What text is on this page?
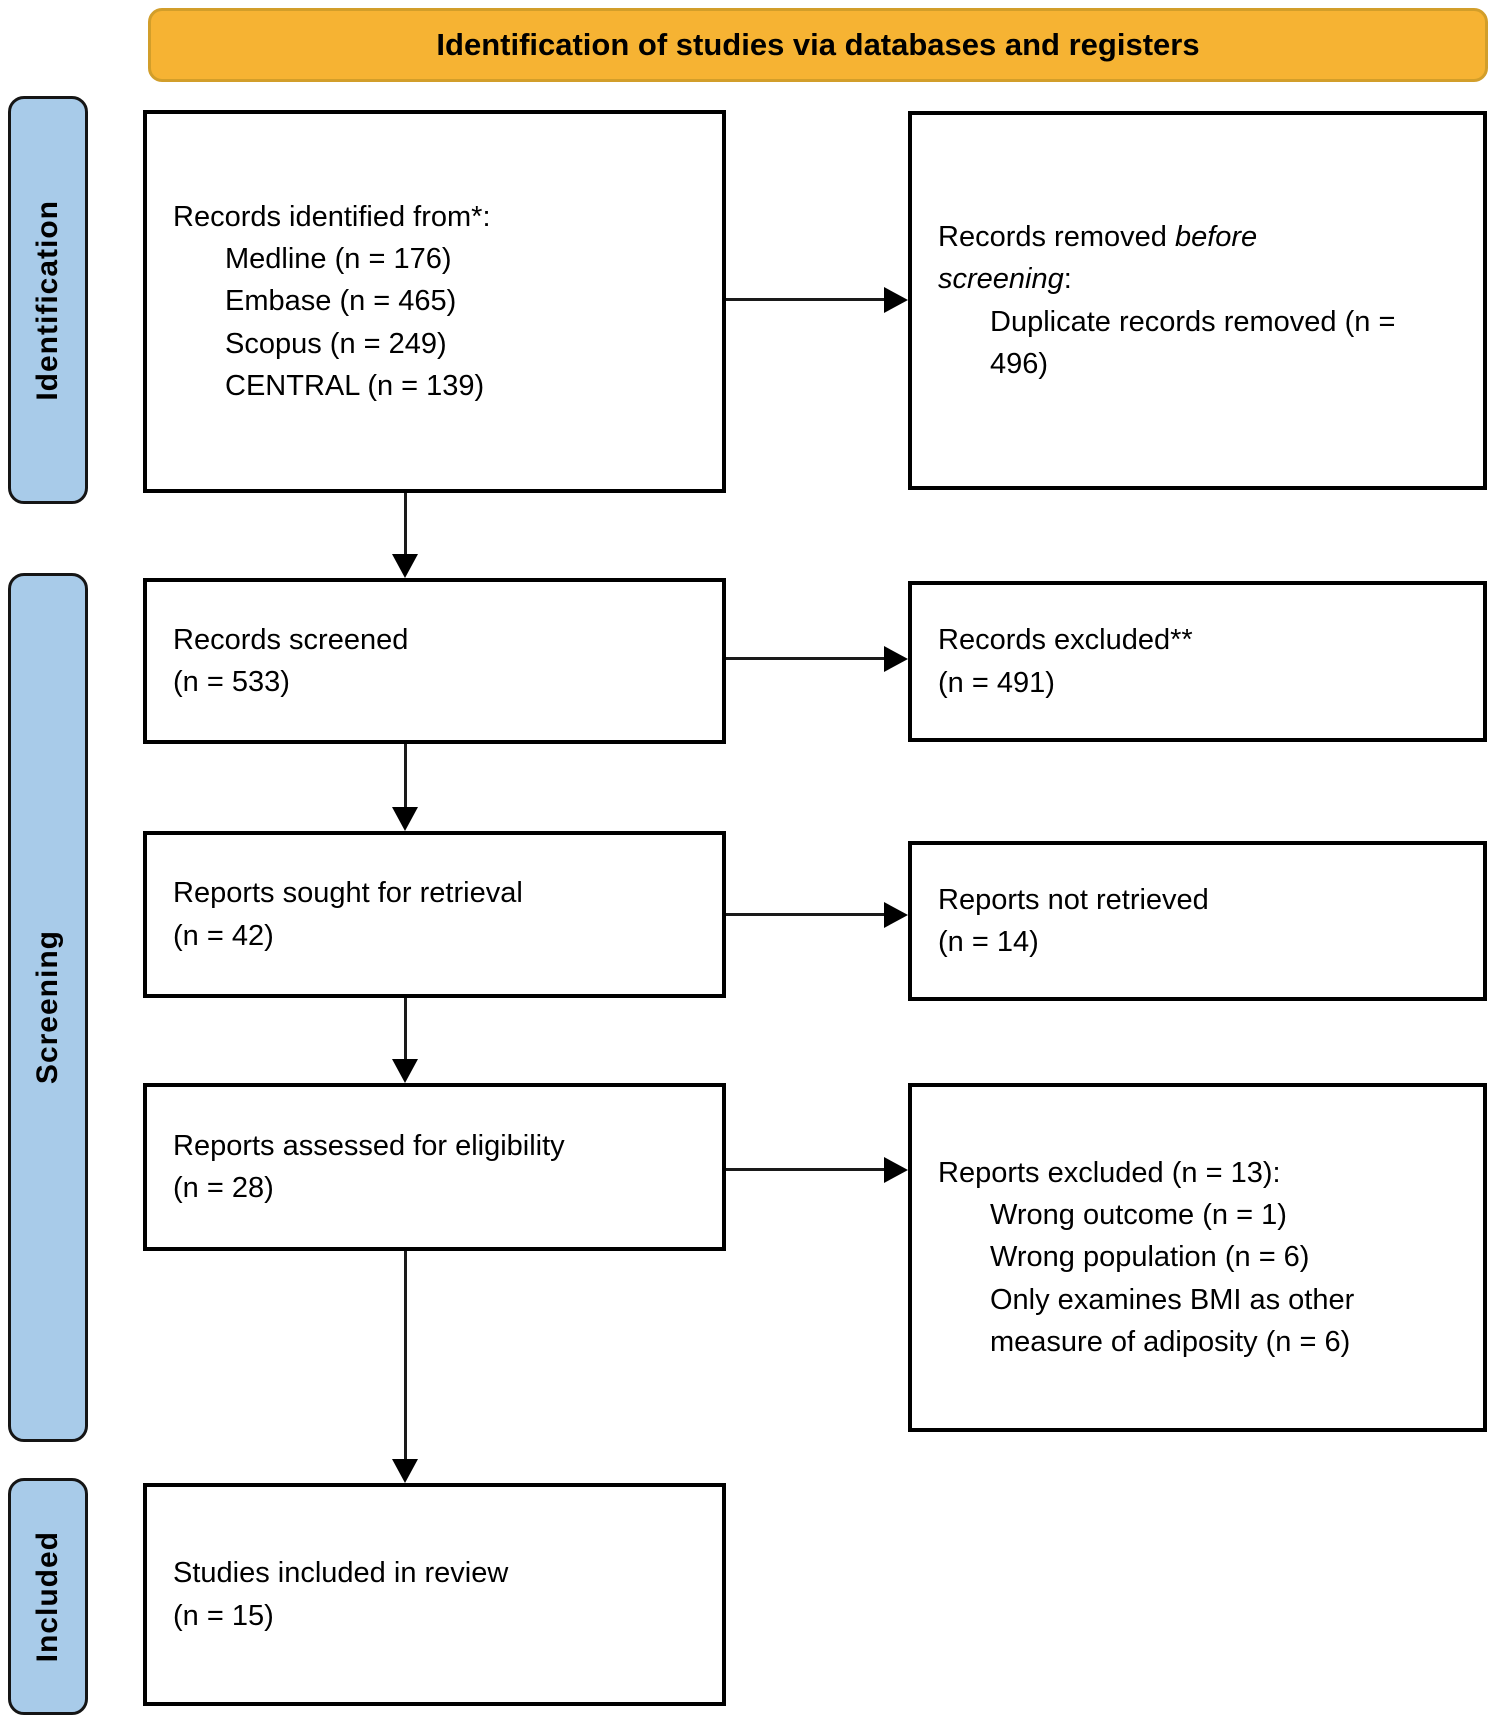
Identification of studies via databases and registers
Identification
Screening
Included
Records identified from*:
Medline (n = 176)
Embase (n = 465)
Scopus (n = 249)
CENTRAL (n = 139)
Records removed before
screening:
Duplicate records removed (n = 496)
Records screened
(n = 533)
Records excluded**
(n = 491)
Reports sought for retrieval
(n = 42)
Reports not retrieved
(n = 14)
Reports assessed for eligibility
(n = 28)	Reports excluded (n = 13):
Wrong outcome (n = 1)
Wrong population (n = 6)
Only examines BMI as other measure of adiposity (n = 6)
Studies included in review
(n = 15)
